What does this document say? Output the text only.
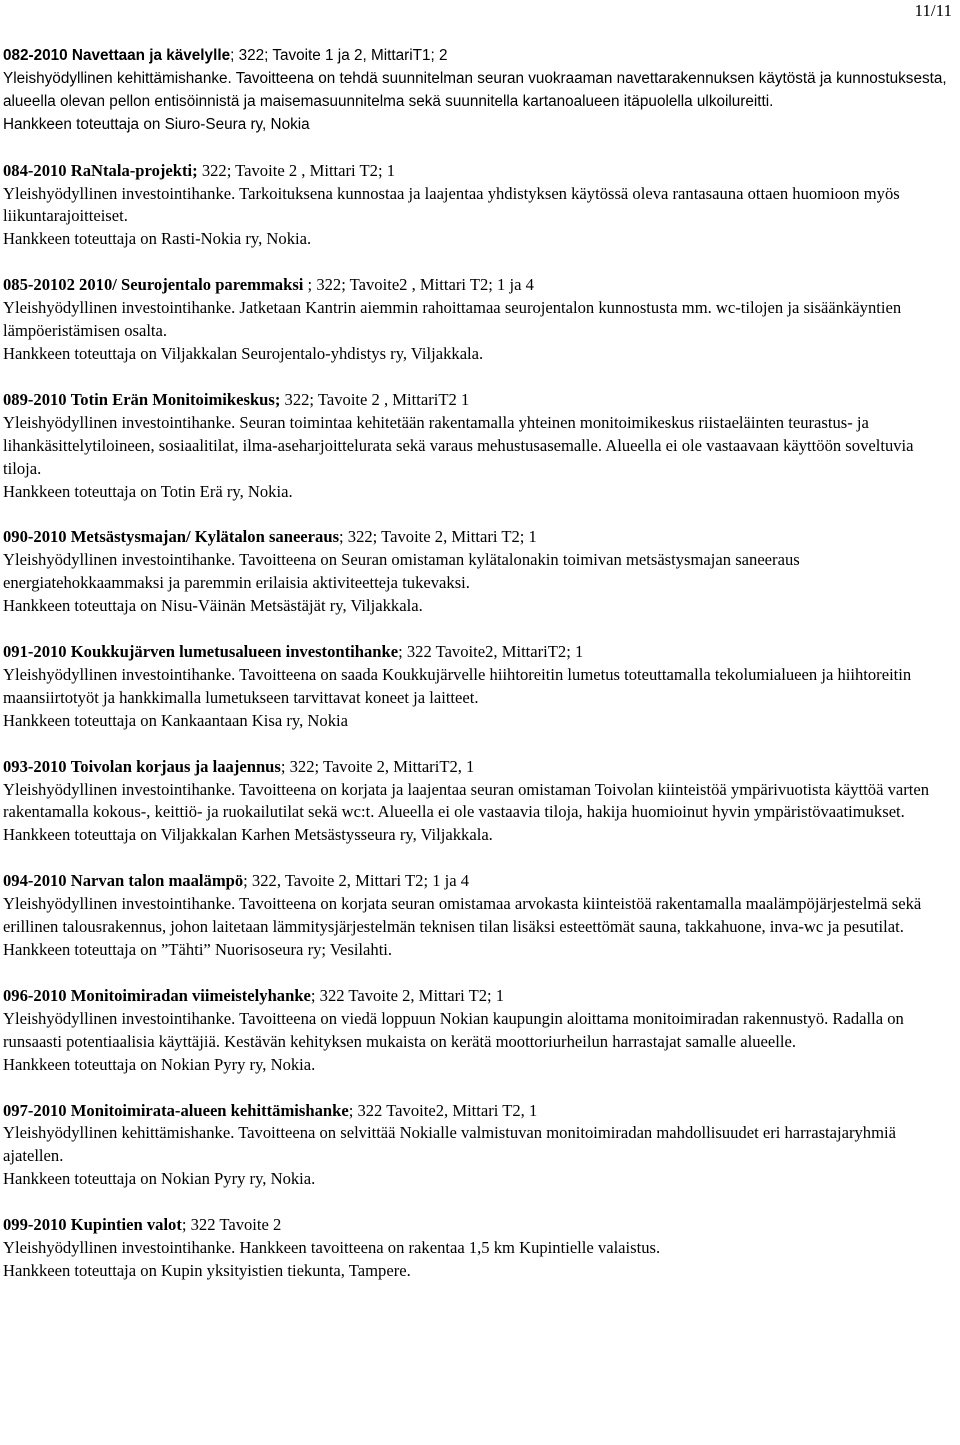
11/11

082-2010 Navettaan ja kävelylle; 322; Tavoite 1 ja 2, MittariT1; 2

Yleishyödyllinen kehittämishanke. Tavoitteena on tehdä suunnitelman seuran vuokraaman navettarakennuksen käytöstä ja kunnostuksesta, alueella olevan pellon entisöinnistä ja maisemasuunnitelma sekä suunnitella kartanoalueen itäpuolella ulkoilureitti.

Hankkeen toteuttaja on Siuro-Seura ry, Nokia

084-2010 RaNtala-projekti; 322; Tavoite 2 , Mittari T2; 1

Yleishyödyllinen investointihanke. Tarkoituksena kunnostaa ja laajentaa yhdistyksen käytössä oleva rantasauna ottaen huomioon myös liikuntarajoitteiset.

Hankkeen toteuttaja on Rasti-Nokia ry, Nokia.

085-20102 2010/ Seurojentalo paremmaksi ; 322; Tavoite2 , Mittari T2; 1 ja 4

Yleishyödyllinen investointihanke. Jatketaan Kantrin aiemmin rahoittamaa seurojentalon kunnostusta mm. wc-tilojen ja sisäänkäyntien lämpöeristämisen osalta.

Hankkeen toteuttaja on Viljakkalan Seurojentalo-yhdistys ry, Viljakkala.

089-2010 Totin Erän Monitoimikeskus; 322; Tavoite 2 , MittariT2 1

Yleishyödyllinen investointihanke. Seuran toimintaa kehitetään rakentamalla yhteinen monitoimikeskus riistaeläinten teurastus- ja lihankäsittelytiloineen, sosiaalitilat, ilma-aseharjoittelurata sekä varaus mehustusasemalle. Alueella ei ole vastaavaan käyttöön soveltuvia tiloja.

Hankkeen toteuttaja on Totin Erä ry, Nokia.

090-2010 Metsästysmajan/ Kylätalon saneeraus; 322; Tavoite 2, Mittari T2; 1

Yleishyödyllinen investointihanke. Tavoitteena on Seuran omistaman kylätalonakin toimivan metsästysmajan saneeraus energiatehokkaammaksi ja paremmin erilaisia aktiviteetteja tukevaksi.

Hankkeen toteuttaja on Nisu-Väinän Metsästäjät ry, Viljakkala.

091-2010 Koukkujärven lumetusalueen investontihanke; 322 Tavoite2, MittariT2; 1

Yleishyödyllinen investointihanke. Tavoitteena on saada Koukkujärvelle hiihtoreitin lumetus toteuttamalla tekolumialueen ja hiihtoreitin maansiirtotyöt ja hankkimalla lumetukseen tarvittavat koneet ja laitteet.

Hankkeen toteuttaja on Kankaantaan Kisa ry, Nokia

093-2010 Toivolan korjaus ja laajennus; 322; Tavoite 2, MittariT2, 1

Yleishyödyllinen investointihanke. Tavoitteena on korjata ja laajentaa seuran omistaman Toivolan kiinteistöä ympärivuotista käyttöä varten rakentamalla kokous-, keittiö- ja ruokailutilat sekä wc:t. Alueella ei ole vastaavia tiloja, hakija huomioinut hyvin ympäristövaatimukset.

Hankkeen toteuttaja on Viljakkalan Karhen Metsästysseura ry, Viljakkala.

094-2010 Narvan talon maalämpö; 322, Tavoite 2, Mittari T2; 1 ja 4

Yleishyödyllinen investointihanke. Tavoitteena on korjata seuran omistamaa arvokasta kiinteistöä rakentamalla maalämpöjärjestelmä sekä erillinen talousrakennus, johon laitetaan lämmitysjärjestelmän teknisen tilan lisäksi esteettömät sauna, takkahuone, inva-wc ja pesutilat.

Hankkeen toteuttaja on ”Tähti” Nuorisoseura ry; Vesilahti.

096-2010 Monitoimiradan viimeistelyhanke; 322 Tavoite 2, Mittari T2; 1

Yleishyödyllinen investointihanke. Tavoitteena on viedä loppuun Nokian kaupungin aloittama monitoimiradan rakennustyö. Radalla on runsaasti potentiaalisia käyttäjiä. Kestävän kehityksen mukaista on kerätä moottoriurheilun harrastajat samalle alueelle.

Hankkeen toteuttaja on Nokian Pyry ry, Nokia.

097-2010 Monitoimirata-alueen kehittämishanke; 322 Tavoite2, Mittari T2, 1

Yleishyödyllinen kehittämishanke. Tavoitteena on selvittää Nokialle valmistuvan monitoimiradan mahdollisuudet eri harrastajaryhmiä ajatellen.

Hankkeen toteuttaja on Nokian Pyry ry, Nokia.

099-2010 Kupintien valot; 322 Tavoite 2

Yleishyödyllinen investointihanke. Hankkeen tavoitteena on rakentaa 1,5 km Kupintielle valaistus.

Hankkeen toteuttaja on Kupin yksityistien tiekunta, Tampere.
